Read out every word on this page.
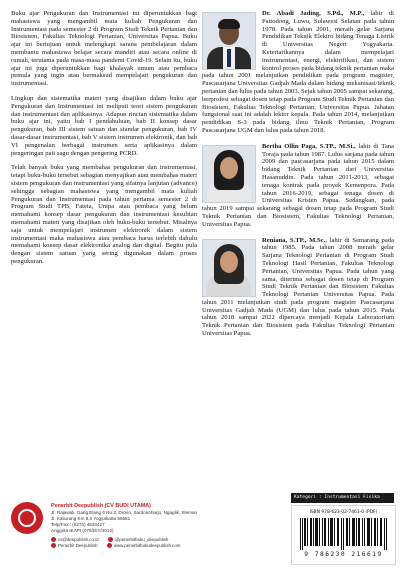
Buku ajar Pengukuran dan Instrumentasi ini diperuntukkan bagi mahasiswa yang mengambil mata kuliah Pengukuran dan Instrumentasi pada semester 2 di Program Studi Teknik Pertanian dan Biosistem, Fakultas Teknologi Pertanian, Universitas Papua. Buku ajar ini bertujuan untuk melengkapi sarana pembelajaran dalam membantu mahasiswa belajar secara mandiri atau secara online di rumah, terutama pada masa-masa pandemi Covid-19. Selain itu, buku ajar ini juga diperuntukkan bagi khalayak umum atau pembaca pemula yang ingin atau bermaksud mempelajari pengukuran dan instrumentasi.

Lingkup dan sistematika materi yang disajikan dalam buku ajar Pengukuran dan Instrumentasi ini meliputi teori sistem pengukuran dan instrumentasi dan aplikasinya. Adapun rincian sistematika dalam buku ajar ini, yaitu bab I pendahuluan, bab II konsep dasar pengukuran, bab III sistem satuan dan standar pengukuran, bab IV dasar-dasar instrumentasi, bab V sistem instrumen elektronik, dan bab VI pengenalan berbagai instrumen serta aplikasinya dalam pengeringan pati sagu dengan pengering PCRD.

Telah banyak buku yang membahas pengukuran dan instrumentasi, tetapi buku-buku tersebut sebagian menyajikan atau membahas materi sistem pengukuran dan instrumentasi yang sifatnya lanjutan (advance) sehingga sebagian mahasiswa yang mengambil mata kuliah Pengukuran dan Instrumentasi pada tahun pertama semester 2 di Program Studi TPB, Fateta, Unipa atau pembaca yang belum memahami konsep dasar pengukuran dan instrumentasi kesulitan memahami materi yang disajikan oleh buku-buku tersebut. Misalnya saja untuk mempelajari instrumen elektronik dalam sistem instrumentasi maka mahasiswa atau pembaca harus terlebih dahulu memahami konsep dasar elektronika analog dan digital. Begitu pula dengan sistem satuan yang sering digunakan dalam proses pengukuran.

Dr. Abadi Jading, S.Pd., M.P., lahir di Pattodong, Luwu, Sulawesi Selatan pada tahun 1978. Pada tahun 2001, meraih gelar Sarjana Pendidikan Teknik Elektro bidang Tenaga Listrik di Universitas Negeri Yogyakarta. Ketertarikannya dalam mempelajari instrumentasi, energi, elektrifikasi, dan sistem kontrol proses pada bidang teknik pertanian maka pada tahun 2001 melanjutkan pendidikan pada program magister, Pascasarjana Universitas Gadjah Mada dalam bidang mekanisasi/teknik pertanian dan lulus pada tahun 2003. Sejak tahun 2005 sampai sekarang, berprofesi sebagai dosen tetap pada Program Studi Teknik Pertanian dan Biosistem, Fakultas Teknologi Pertanian, Universitas Papua. Jabatan fungsional saat ini adalah lektor kepala. Pada tahun 2014, melanjutkan pendidikan S-3 pada bidang ilmu Teknik Pertanian, Program Pascasarjana UGM dan lulus pada tahun 2018.

Bertha Ollin Paga, S.TP., M.Si., lahir di Tana Toraja pada tahun 1987. Lulus sarjana pada tahun 2009 dan pascasarjana pada tahun 2015 dalam bidang Teknik Pertanian dari Universitas Hasanuddin. Pada tahun 2011-2013, sebagai tenaga kontrak pada proyek Kemenpora. Pada tahun 2016-2019, sebagai tenaga dosen di Universitas Kristen Papua. Sedangkan, pada tahun 2019 sampai sekarang sebagai dosen tetap pada Program Studi Teknik Pertanian dan Biosistem, Fakultas Teknologi Pertanian, Universitas Papua.

Reniana, S.TP., M.Sc., lahir di Semarang pada tahun 1985. Pada tahun 2008 meraih gelar Sarjana Teknologi Pertanian di Program Studi Teknologi Hasil Pertanian, Fakultas Teknologi Pertanian, Universitas Papua. Pada tahun yang sama, diterima sebagai dosen tetap di Program Studi Teknik Pertanian dan Biosistem Fakultas Teknologi Pertanian Universitas Papua. Pada tahun 2011 melanjutkan studi pada program magister Pascasarjana Universitas Gadjah Mada (UGM) dan lulus pada tahun 2015. Pada tahun 2018 sampai 2022 dipercaya menjadi Kepala Laboratorium Teknik Pertanian dan Biosistem pada Fakultas Teknologi Pertanian Universitas Papua.

Penerbit Deepublish (CV BUDI UTAMA)
Jl. Rajawali, Gang Elang 6 No.3, Drono, Sardonoharjo, Ngaglik, Sleman
Jl. Kaliurang Km 9,3 Yogyakarta 55581
Telp/Fax : (0274) 4533427
Anggota IKAPI (076/DIY/2012)
cs@deepublish.co.id	@penerbitbuku_deepublish
Penerbit Deepublish	www.penerbitbukudeepublish.com
Kategori : Instrumentasi Fisika
ISBN 978-623-02-7461-0 (PDF)
9 786230 216619
